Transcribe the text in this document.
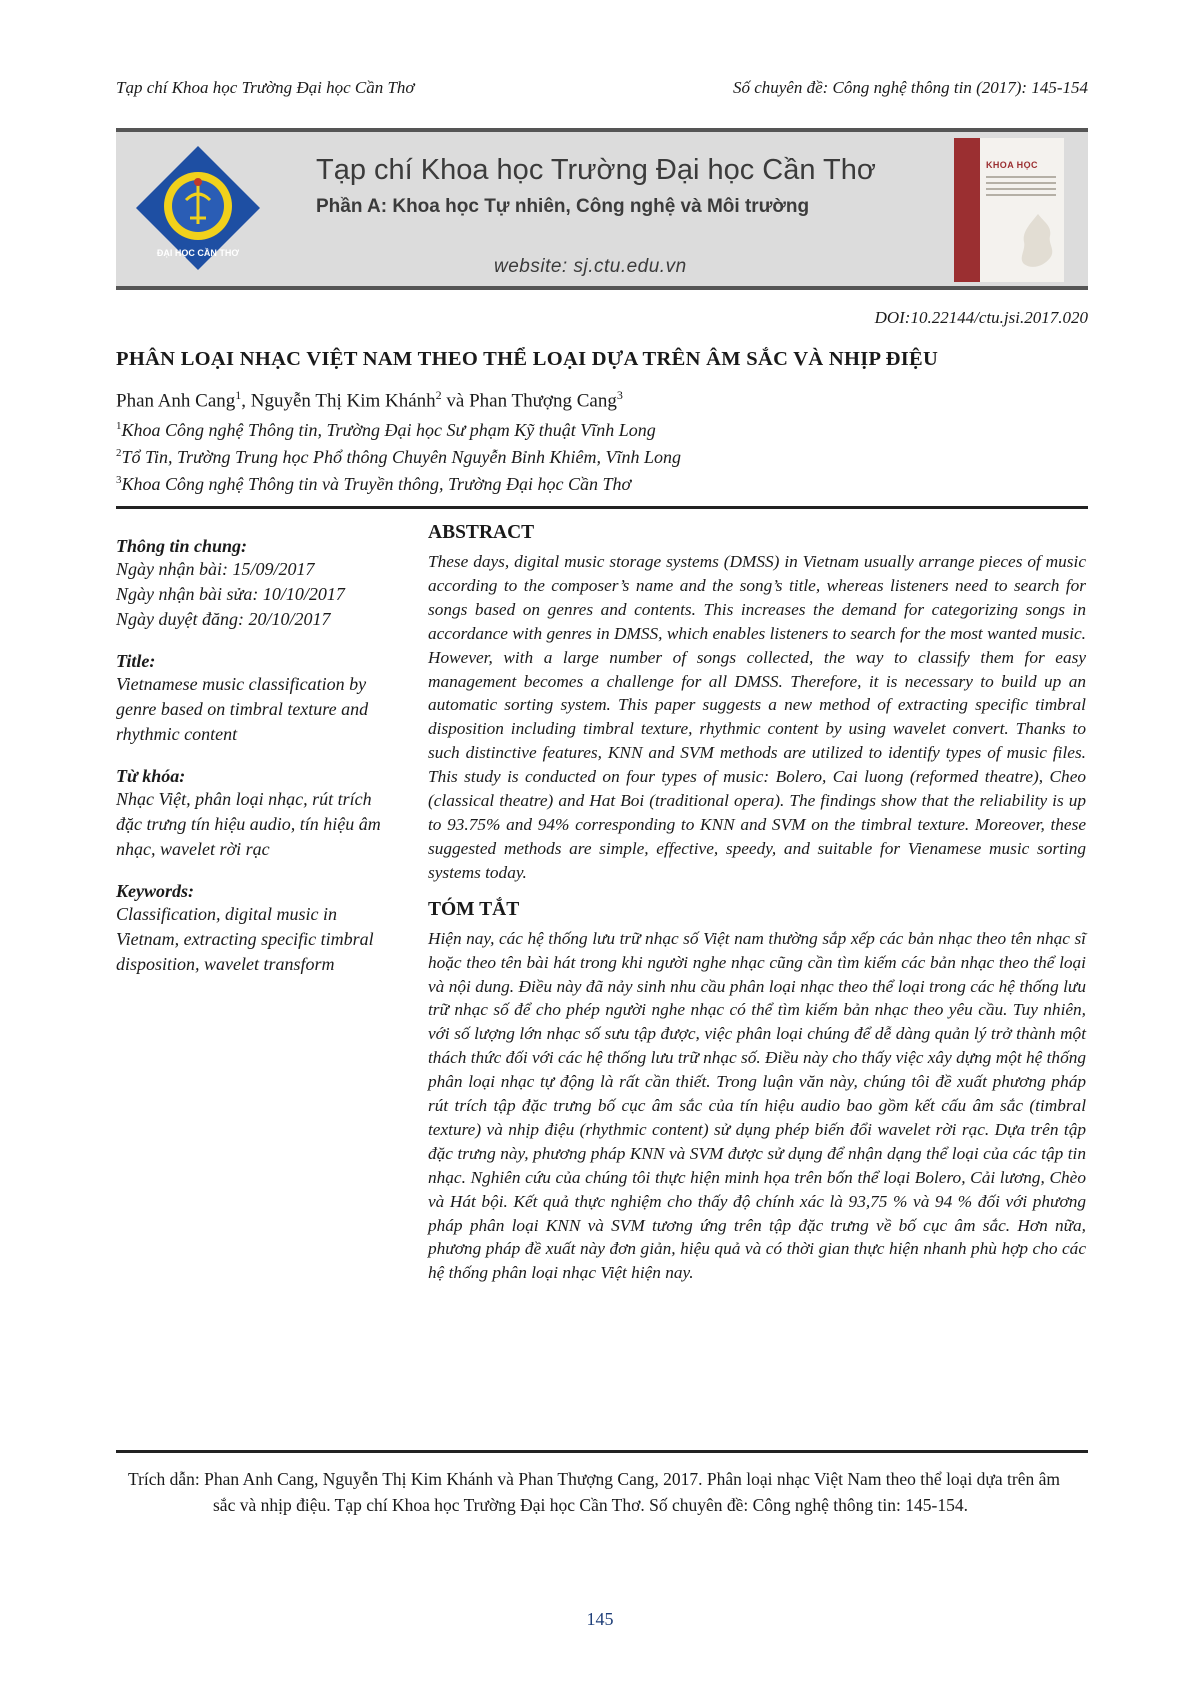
Tạp chí Khoa học Trường Đại học Cần Thơ	Số chuyên đề: Công nghệ thông tin (2017): 145-154
ĐẠI HỌC CẦN THƠ
Tạp chí Khoa học Trường Đại học Cần Thơ
Phần A: Khoa học Tự nhiên, Công nghệ và Môi trường
website: sj.ctu.edu.vn
KHOA HỌC
DOI:10.22144/ctu.jsi.2017.020
PHÂN LOẠI NHẠC VIỆT NAM THEO THỂ LOẠI DỰA TRÊN ÂM SẮC VÀ NHỊP ĐIỆU
Phan Anh Cang$^1$, Nguyễn Thị Kim Khánh$^2$ và Phan Thượng Cang$^3$
$^1$Khoa Công nghệ Thông tin, Trường Đại học Sư phạm Kỹ thuật Vĩnh Long
$^2$Tổ Tin, Trường Trung học Phổ thông Chuyên Nguyễn Bỉnh Khiêm, Vĩnh Long
$^3$Khoa Công nghệ Thông tin và Truyền thông, Trường Đại học Cần Thơ

Thông tin chung:

Ngày nhận bài: 15/09/2017

Ngày nhận bài sửa: 10/10/2017

Ngày duyệt đăng: 20/10/2017

Title:

Vietnamese music classification by genre based on timbral texture and rhythmic content

Từ khóa:

Nhạc Việt, phân loại nhạc, rút trích đặc trưng tín hiệu audio, tín hiệu âm nhạc, wavelet rời rạc

Keywords:

Classification, digital music in Vietnam, extracting specific timbral disposition, wavelet transform

ABSTRACT

These days, digital music storage systems (DMSS) in Vietnam usually arrange pieces of music according to the composer’s name and the song’s title, whereas listeners need to search for songs based on genres and contents. This increases the demand for categorizing songs in accordance with genres in DMSS, which enables listeners to search for the most wanted music. However, with a large number of songs collected, the way to classify them for easy management becomes a challenge for all DMSS. Therefore, it is necessary to build up an automatic sorting system. This paper suggests a new method of extracting specific timbral disposition including timbral texture, rhythmic content by using wavelet convert. Thanks to such distinctive features, KNN and SVM methods are utilized to identify types of music files. This study is conducted on four types of music: Bolero, Cai luong (reformed theatre), Cheo (classical theatre) and Hat Boi (traditional opera). The findings show that the reliability is up to 93.75% and 94% corresponding to KNN and SVM on the timbral texture. Moreover, these suggested methods are simple, effective, speedy, and suitable for Vienamese music sorting systems today.

TÓM TẮT

Hiện nay, các hệ thống lưu trữ nhạc số Việt nam thường sắp xếp các bản nhạc theo tên nhạc sĩ hoặc theo tên bài hát trong khi người nghe nhạc cũng cần tìm kiếm các bản nhạc theo thể loại và nội dung. Điều này đã nảy sinh nhu cầu phân loại nhạc theo thể loại trong các hệ thống lưu trữ nhạc số để cho phép người nghe nhạc có thể tìm kiếm bản nhạc theo yêu cầu. Tuy nhiên, với số lượng lớn nhạc số sưu tập được, việc phân loại chúng để dễ dàng quản lý trở thành một thách thức đối với các hệ thống lưu trữ nhạc số. Điều này cho thấy việc xây dựng một hệ thống phân loại nhạc tự động là rất cần thiết. Trong luận văn này, chúng tôi đề xuất phương pháp rút trích tập đặc trưng bố cục âm sắc của tín hiệu audio bao gồm kết cấu âm sắc (timbral texture) và nhịp điệu (rhythmic content) sử dụng phép biến đổi wavelet rời rạc. Dựa trên tập đặc trưng này, phương pháp KNN và SVM được sử dụng để nhận dạng thể loại của các tập tin nhạc. Nghiên cứu của chúng tôi thực hiện minh họa trên bốn thể loại Bolero, Cải lương, Chèo và Hát bội. Kết quả thực nghiệm cho thấy độ chính xác là 93,75 % và 94 % đối với phương pháp phân loại KNN và SVM tương ứng trên tập đặc trưng về bố cục âm sắc. Hơn nữa, phương pháp đề xuất này đơn giản, hiệu quả và có thời gian thực hiện nhanh phù hợp cho các hệ thống phân loại nhạc Việt hiện nay.

Trích dẫn: Phan Anh Cang, Nguyễn Thị Kim Khánh và Phan Thượng Cang, 2017. Phân loại nhạc Việt Nam theo thể loại dựa trên âm sắc và nhịp điệu. Tạp chí Khoa học Trường Đại học Cần Thơ. Số chuyên đề: Công nghệ thông tin: 145-154.
145
